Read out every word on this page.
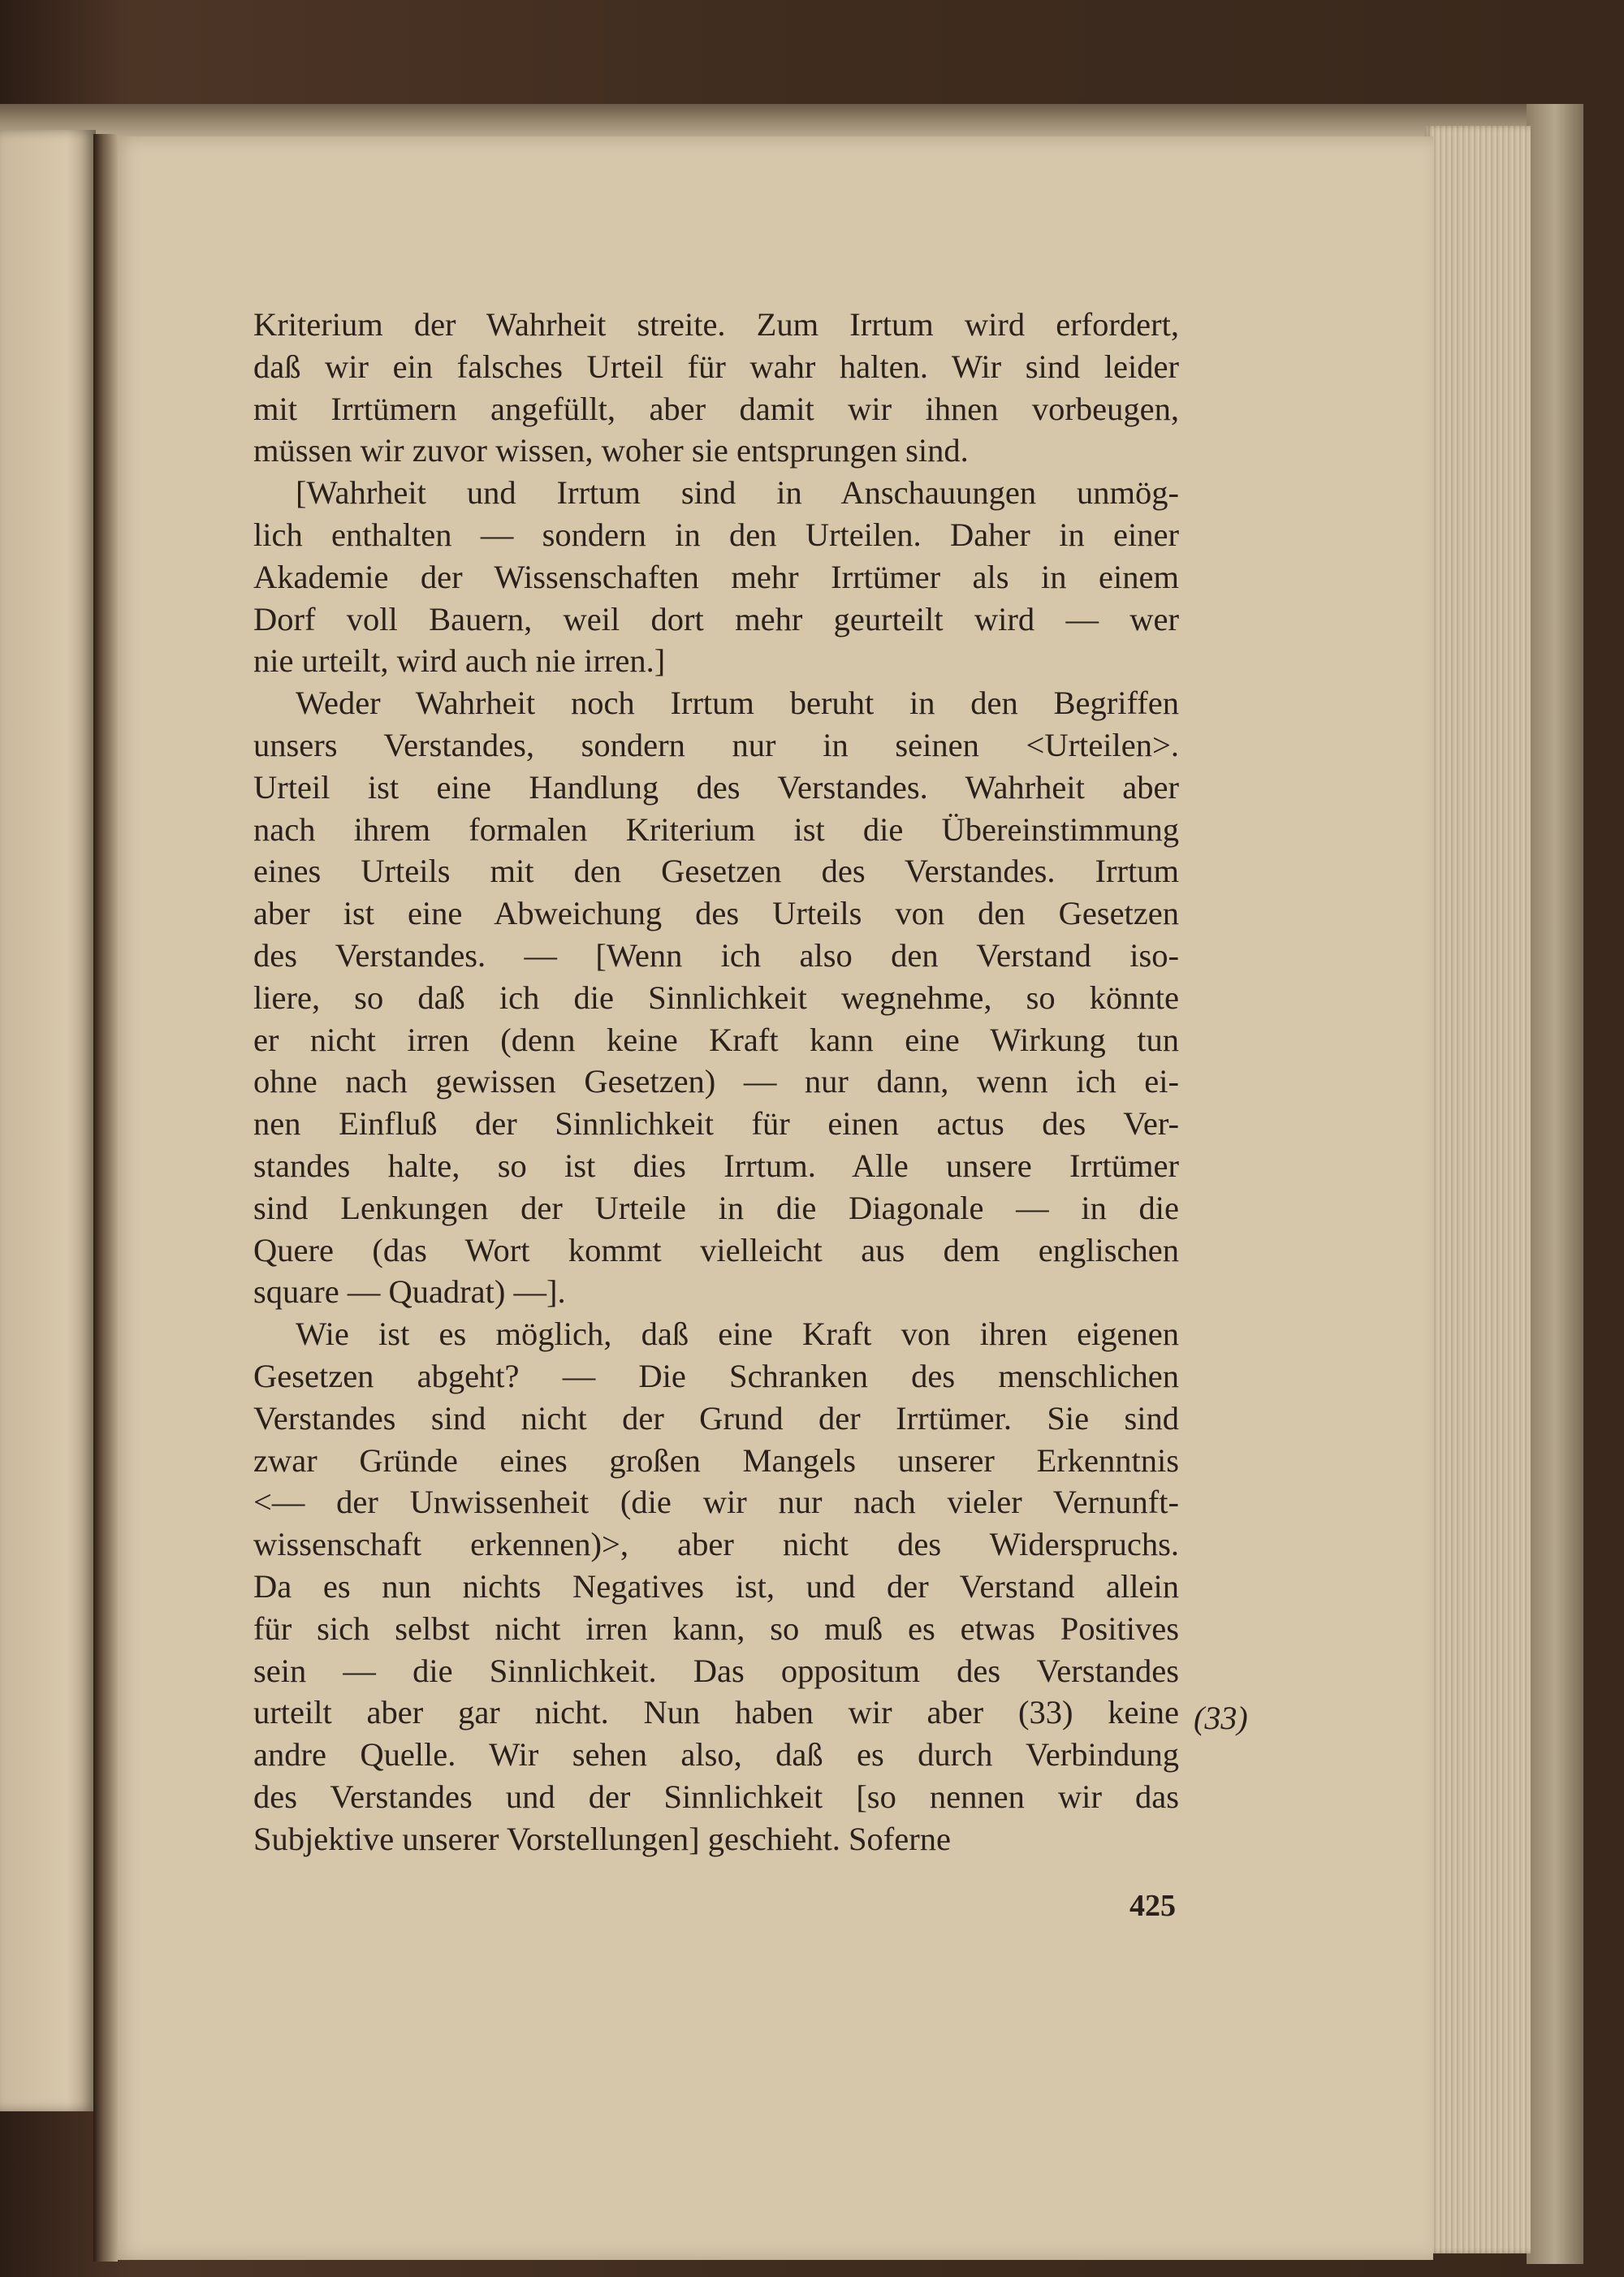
Kriterium der Wahrheit streite. Zum Irrtum wird erfordert,
daß wir ein falsches Urteil für wahr halten. Wir sind leider
mit Irrtümern angefüllt, aber damit wir ihnen vorbeugen,
müssen wir zuvor wissen, woher sie entsprungen sind.
[Wahrheit und Irrtum sind in Anschauungen unmög-
lich enthalten — sondern in den Urteilen. Daher in einer
Akademie der Wissenschaften mehr Irrtümer als in einem
Dorf voll Bauern, weil dort mehr geurteilt wird — wer
nie urteilt, wird auch nie irren.]
Weder Wahrheit noch Irrtum beruht in den Begriffen
unsers Verstandes, sondern nur in seinen <Urteilen>.
Urteil ist eine Handlung des Verstandes. Wahrheit aber
nach ihrem formalen Kriterium ist die Übereinstimmung
eines Urteils mit den Gesetzen des Verstandes. Irrtum
aber ist eine Abweichung des Urteils von den Gesetzen
des Verstandes. — [Wenn ich also den Verstand iso-
liere, so daß ich die Sinnlichkeit wegnehme, so könnte
er nicht irren (denn keine Kraft kann eine Wirkung tun
ohne nach gewissen Gesetzen) — nur dann, wenn ich ei-
nen Einfluß der Sinnlichkeit für einen actus des Ver-
standes halte, so ist dies Irrtum. Alle unsere Irrtümer
sind Lenkungen der Urteile in die Diagonale — in die
Quere (das Wort kommt vielleicht aus dem englischen
square — Quadrat) —].
Wie ist es möglich, daß eine Kraft von ihren eigenen
Gesetzen abgeht? — Die Schranken des menschlichen
Verstandes sind nicht der Grund der Irrtümer. Sie sind
zwar Gründe eines großen Mangels unserer Erkenntnis
<— der Unwissenheit (die wir nur nach vieler Vernunft-
wissenschaft erkennen)>, aber nicht des Widerspruchs.
Da es nun nichts Negatives ist, und der Verstand allein
für sich selbst nicht irren kann, so muß es etwas Positives
sein — die Sinnlichkeit. Das oppositum des Verstandes
urteilt aber gar nicht. Nun haben wir aber (33) keine
andre Quelle. Wir sehen also, daß es durch Verbindung
des Verstandes und der Sinnlichkeit [so nennen wir das
Subjektive unserer Vorstellungen] geschieht. Soferne
(33)
425
